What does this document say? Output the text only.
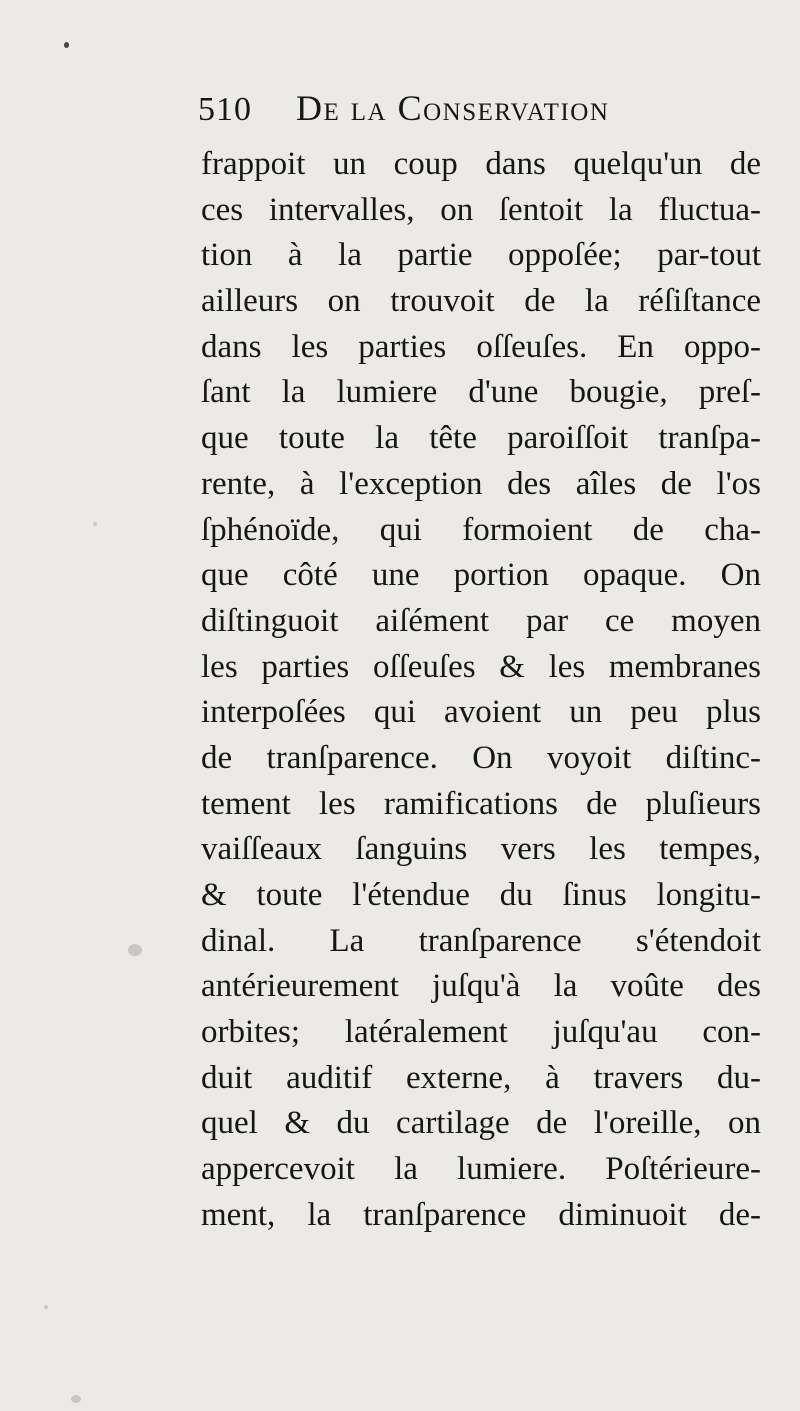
510	De la Conservation
frappoit un coup dans quelqu'un de
ces intervalles, on ſentoit la fluctua-
tion à la partie oppoſée; par-tout
ailleurs on trouvoit de la réſiſtance
dans les parties oſſeuſes. En oppo-
ſant la lumiere d'une bougie, preſ-
que toute la tête paroiſſoit tranſpa-
rente, à l'exception des aîles de l'os
ſphénoïde, qui formoient de cha-
que côté une portion opaque. On
diſtinguoit aiſément par ce moyen
les parties oſſeuſes & les membranes
interpoſées qui avoient un peu plus
de tranſparence. On voyoit diſtinc-
tement les ramifications de pluſieurs
vaiſſeaux ſanguins vers les tempes,
& toute l'étendue du ſinus longitu-
dinal. La tranſparence s'étendoit
antérieurement juſqu'à la voûte des
orbites; latéralement juſqu'au con-
duit auditif externe, à travers du-
quel & du cartilage de l'oreille, on
appercevoit la lumiere. Poſtérieure-
ment, la tranſparence diminuoit de-
